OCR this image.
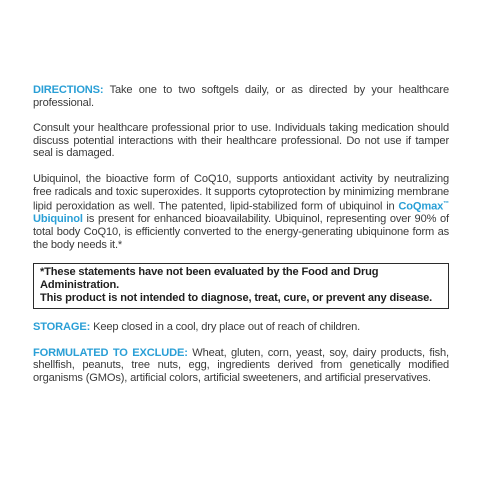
DIRECTIONS: Take one to two softgels daily, or as directed by your healthcare professional.

Consult your healthcare professional prior to use. Individuals taking medication should discuss potential interactions with their healthcare professional. Do not use if tamper seal is damaged.

Ubiquinol, the bioactive form of CoQ10, supports antioxidant activity by neutralizing free radicals and toxic superoxides. It supports cytoprotection by minimizing membrane lipid peroxidation as well. The patented, lipid-stabilized form of ubiquinol in CoQmax™ Ubiquinol is present for enhanced bioavailability. Ubiquinol, representing over 90% of total body CoQ10, is efficiently converted to the energy-generating ubiquinone form as the body needs it.*

*These statements have not been evaluated by the Food and Drug Administration.
This product is not intended to diagnose, treat, cure, or prevent any disease.

STORAGE: Keep closed in a cool, dry place out of reach of children.

FORMULATED TO EXCLUDE: Wheat, gluten, corn, yeast, soy, dairy products, fish, shellfish, peanuts, tree nuts, egg, ingredients derived from genetically modified organisms (GMOs), artificial colors, artificial sweeteners, and artificial preservatives.
